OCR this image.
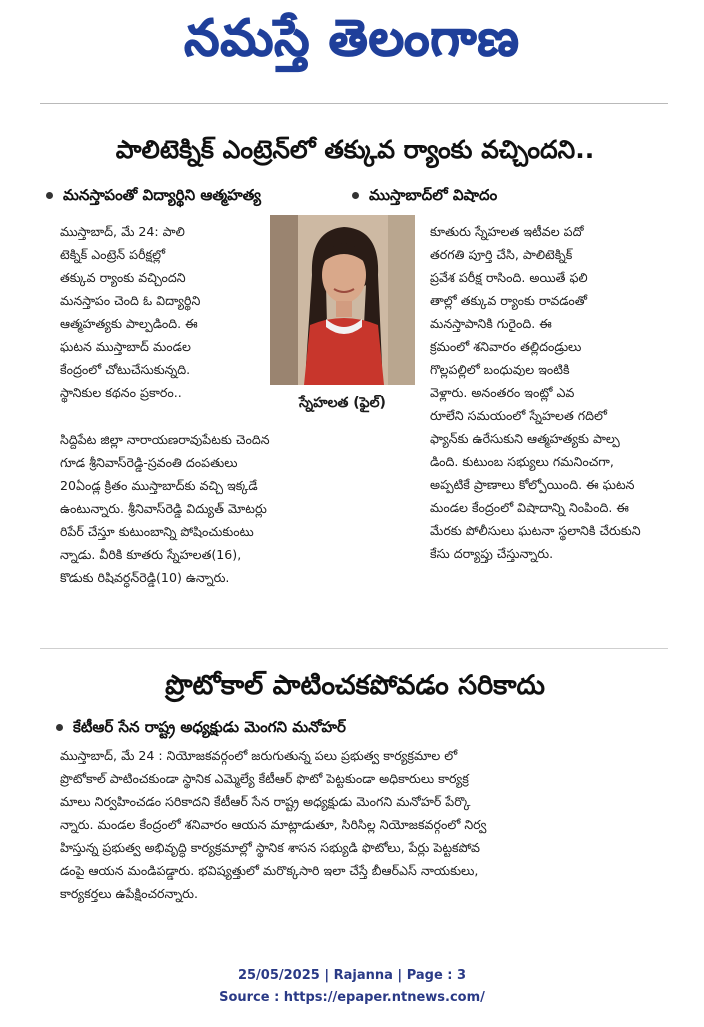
నమస్తే తెలంగాణ
పాలిటెక్నిక్ ఎంట్రెన్‌లో తక్కువ ర్యాంకు వచ్చిందని..
మనస్తాపంతో విద్యార్థిని ఆత్మహత్య	ముస్తాబాద్‌లో విషాదం
ముస్తాబాద్, మే 24: పాలి
టెక్నిక్ ఎంట్రెన్ పరీక్షల్లో
తక్కువ ర్యాంకు వచ్చిందని
మనస్తాపం చెంది ఓ విద్యార్థిని
ఆత్మహత్యకు పాల్పడింది. ఈ
ఘటన ముస్తాబాద్ మండల
కేంద్రంలో చోటుచేసుకున్నది.
స్థానికుల కథనం ప్రకారం..
స్నేహలత (ఫైల్)
కూతురు స్నేహలత ఇటీవల పదో
తరగతి పూర్తి చేసి, పాలిటెక్నిక్
ప్రవేశ పరీక్ష రాసింది. అయితే ఫలి
తాల్లో తక్కువ ర్యాంకు రావడంతో
మనస్తాపానికి గురైంది. ఈ
క్రమంలో శనివారం తల్లిదండ్రులు
గొల్లపల్లిలో బంధువుల ఇంటికి
వెళ్లారు. అనంతరం ఇంట్లో ఎవ
రూలేని సమయంలో స్నేహలత గదిలో
ఫ్యాన్‌కు ఉరేసుకుని ఆత్మహత్యకు పాల్ప
డింది. కుటుంబ సభ్యులు గమనించగా,
అప్పటికే ప్రాణాలు కోల్పోయింది. ఈ ఘటన
మండల కేంద్రంలో విషాదాన్ని నింపింది. ఈ
మేరకు పోలీసులు ఘటనా స్థలానికి చేరుకుని
కేసు దర్యాప్తు చేస్తున్నారు.
సిద్దిపేట జిల్లా నారాయణరావుపేటకు చెందిన
గూడ శ్రీనివాస్‌రెడ్డి-స్రవంతి దంపతులు
20ఏండ్ల క్రితం ముస్తాబాద్‌కు వచ్చి ఇక్కడే
ఉంటున్నారు. శ్రీనివాస్‌రెడ్డి విద్యుత్ మోటర్లు
రిపేర్ చేస్తూ కుటుంబాన్ని పోషించుకుంటు
న్నాడు. వీరికి కూతరు స్నేహలత(16),
కొడుకు రిషివర్ధన్‌రెడ్డి(10) ఉన్నారు.
ప్రొటోకాల్ పాటించకపోవడం సరికాదు
కేటీఆర్ సేన రాష్ట్ర అధ్యక్షుడు మెంగని మనోహర్
ముస్తాబాద్, మే 24 : నియోజకవర్గంలో జరుగుతున్న పలు ప్రభుత్వ కార్యక్రమాల లో
ప్రొటోకాల్ పాటించకుండా స్థానిక ఎమ్మెల్యే కేటీఆర్ ఫొటో పెట్టకుండా అధికారులు కార్యక్ర
మాలు నిర్వహించడం సరికాదని కేటీఆర్ సేన రాష్ట్ర అధ్యక్షుడు మెంగని మనోహర్ పేర్కొ
న్నారు. మండల కేంద్రంలో శనివారం ఆయన మాట్లాడుతూ, సిరిసిల్ల నియోజకవర్గంలో నిర్వ
హిస్తున్న ప్రభుత్వ అభివృద్ధి కార్యక్రమాల్లో స్థానిక శాసన సభ్యుడి ఫొటోలు, పేర్లు పెట్టకపోవ
డంపై ఆయన మండిపడ్డారు. భవిష్యత్తులో మరొక్కసారి ఇలా చేస్తే బీఆర్‌ఎస్ నాయకులు,
కార్యకర్తలు ఉపేక్షించరన్నారు.
25/05/2025 | Rajanna | Page : 3
Source : https://epaper.ntnews.com/
